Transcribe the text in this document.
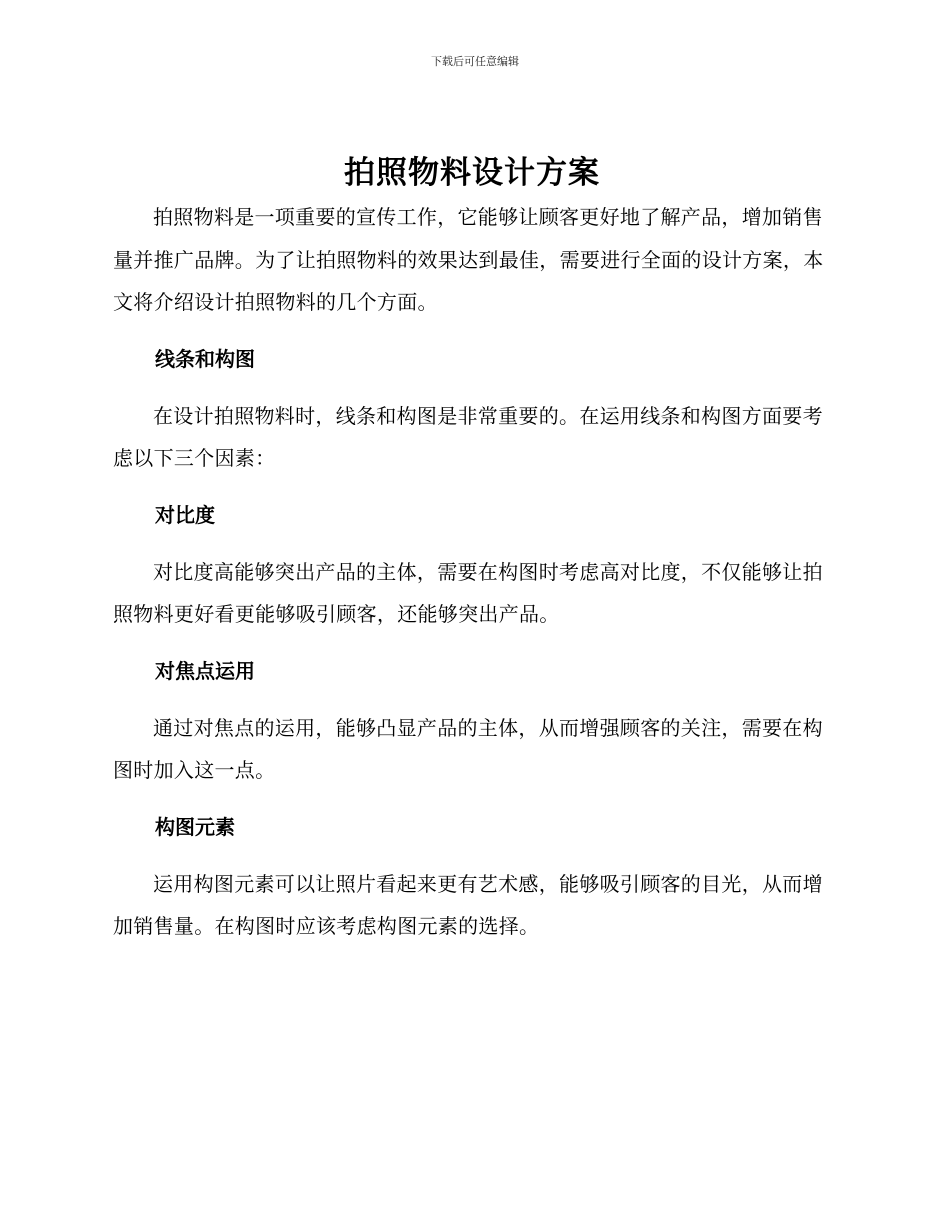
下载后可任意编辑
拍照物料设计方案

拍照物料是一项重要的宣传工作，它能够让顾客更好地了解产品，增加销售量并推广品牌。为了让拍照物料的效果达到最佳，需要进行全面的设计方案，本文将介绍设计拍照物料的几个方面。

线条和构图

在设计拍照物料时，线条和构图是非常重要的。在运用线条和构图方面要考虑以下三个因素：

对比度

对比度高能够突出产品的主体，需要在构图时考虑高对比度，不仅能够让拍照物料更好看更能够吸引顾客，还能够突出产品。

对焦点运用

通过对焦点的运用，能够凸显产品的主体，从而增强顾客的关注，需要在构图时加入这一点。

构图元素

运用构图元素可以让照片看起来更有艺术感，能够吸引顾客的目光，从而增加销售量。在构图时应该考虑构图元素的选择。
